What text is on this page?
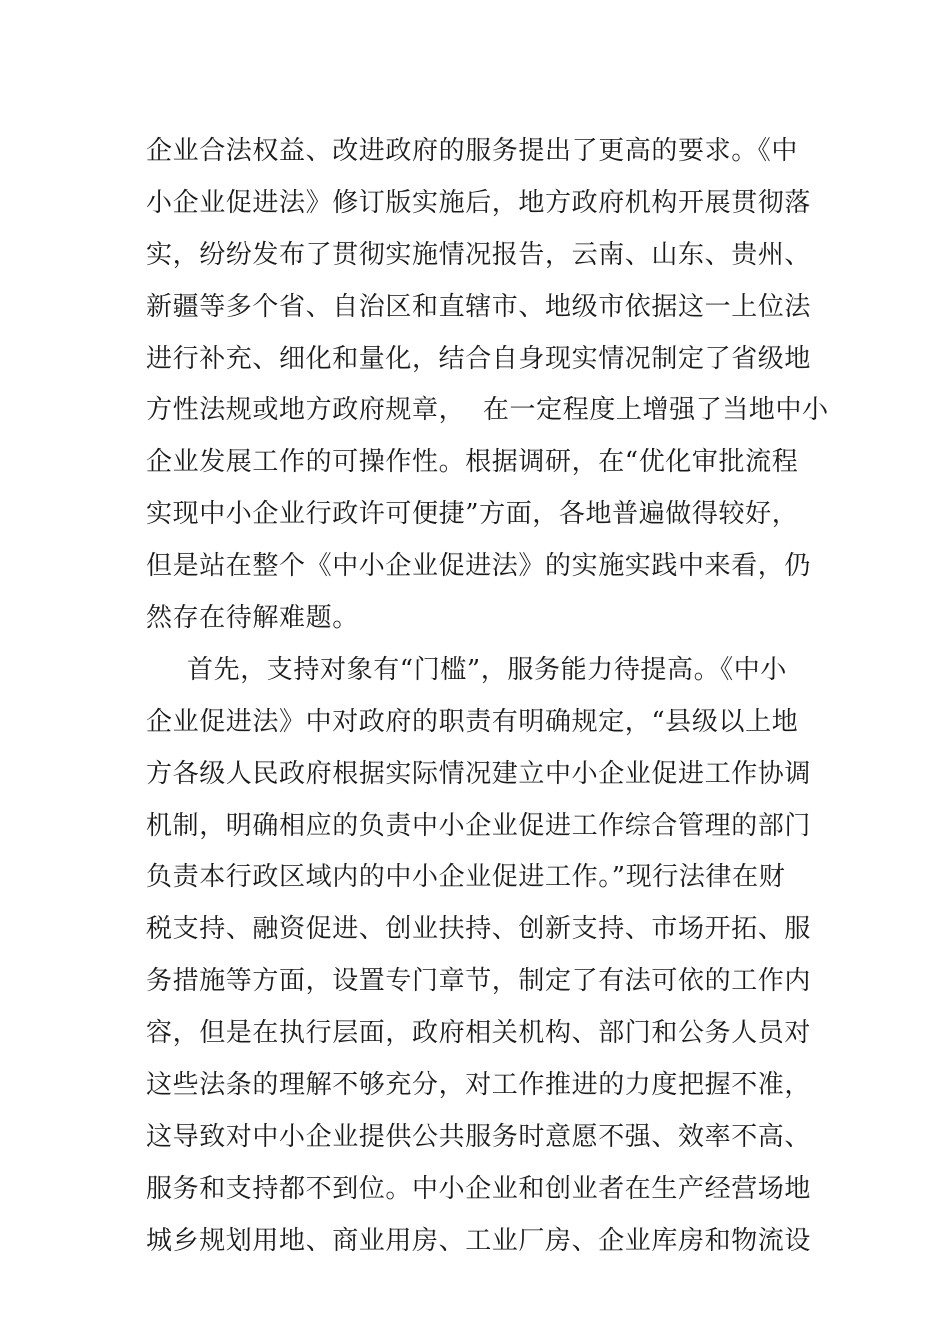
企业合法权益、改进政府的服务提出了更高的要求。《中
小企业促进法》修订版实施后，地方政府机构开展贯彻落
实，纷纷发布了贯彻实施情况报告，云南、山东、贵州、
新疆等多个省、自治区和直辖市、地级市依据这一上位法
进行补充、细化和量化，结合自身现实情况制定了省级地
方性法规或地方政府规章，  在一定程度上增强了当地中小
企业发展工作的可操作性。根据调研，在“优化审批流程
实现中小企业行政许可便捷”方面，各地普遍做得较好，
但是站在整个《中小企业促进法》的实施实践中来看，仍
然存在待解难题。
首先，支持对象有“门槛”，服务能力待提高。《中小
企业促进法》中对政府的职责有明确规定，“县级以上地
方各级人民政府根据实际情况建立中小企业促进工作协调
机制，明确相应的负责中小企业促进工作综合管理的部门
负责本行政区域内的中小企业促进工作。”现行法律在财
税支持、融资促进、创业扶持、创新支持、市场开拓、服
务措施等方面，设置专门章节，制定了有法可依的工作内
容，但是在执行层面，政府相关机构、部门和公务人员对
这些法条的理解不够充分，对工作推进的力度把握不准，
这导致对中小企业提供公共服务时意愿不强、效率不高、
服务和支持都不到位。中小企业和创业者在生产经营场地
城乡规划用地、商业用房、工业厂房、企业库房和物流设
